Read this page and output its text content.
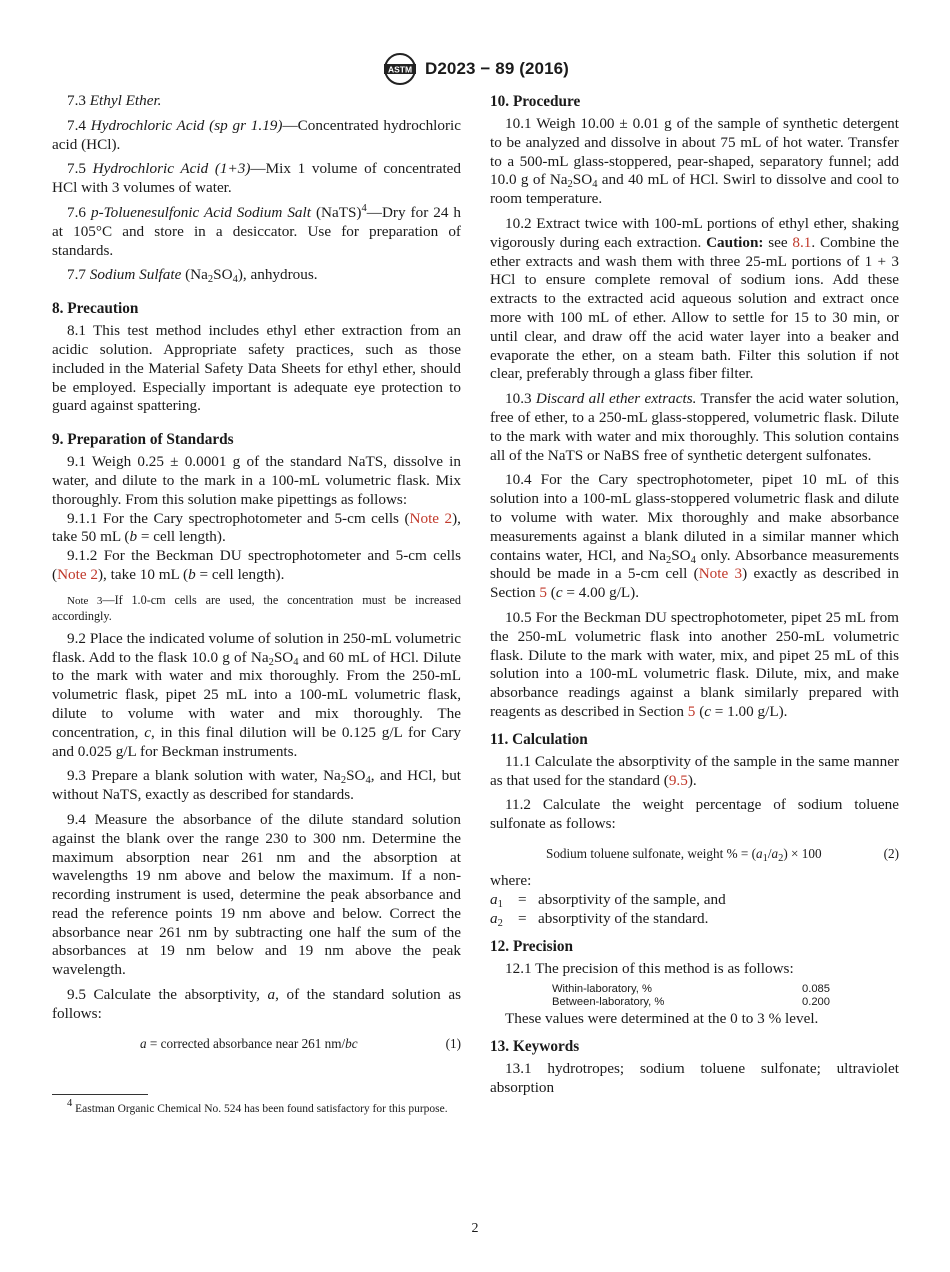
ASTM D2023 − 89 (2016)

7.3 Ethyl Ether.

7.4 Hydrochloric Acid (sp gr 1.19)—Concentrated hydrochloric acid (HCl).

7.5 Hydrochloric Acid (1+3)—Mix 1 volume of concentrated HCl with 3 volumes of water.

7.6 p-Toluenesulfonic Acid Sodium Salt (NaTS)$^4$—Dry for 24 h at 105°C and store in a desiccator. Use for preparation of standards.

7.7 Sodium Sulfate $(Na_2SO_4)$, anhydrous.

8. Precaution

8.1 This test method includes ethyl ether extraction from an acidic solution. Appropriate safety practices, such as those included in the Material Safety Data Sheets for ethyl ether, should be employed. Especially important is adequate eye protection to guard against spattering.

9. Preparation of Standards

9.1 Weigh 0.25 ± 0.0001 g of the standard NaTS, dissolve in water, and dilute to the mark in a 100-mL volumetric flask. Mix thoroughly. From this solution make pipettings as follows:

9.1.1 For the Cary spectrophotometer and 5-cm cells (Note 2), take 50 mL (b = cell length).

9.1.2 For the Beckman DU spectrophotometer and 5-cm cells (Note 2), take 10 mL (b = cell length).

Note 3—If 1.0-cm cells are used, the concentration must be increased accordingly.

9.2 Place the indicated volume of solution in 250-mL volumetric flask. Add to the flask 10.0 g of $Na_2SO_4$ and 60 mL of HCl. Dilute to the mark with water and mix thoroughly. From the 250-mL volumetric flask, pipet 25 mL into a 100-mL volumetric flask, dilute to volume with water and mix thoroughly. The concentration, c, in this final dilution will be 0.125 g/L for Cary and 0.025 g/L for Beckman instruments.

9.3 Prepare a blank solution with water, $Na_2SO_4$, and HCl, but without NaTS, exactly as described for standards.

9.4 Measure the absorbance of the dilute standard solution against the blank over the range 230 to 300 nm. Determine the maximum absorption near 261 nm and the absorption at wavelengths 19 nm above and below the maximum. If a non-recording instrument is used, determine the peak absorbance and read the reference points 19 nm above and below. Correct the absorbance near 261 nm by subtracting one half the sum of the absorbances at 19 nm below and 19 nm above the peak wavelength.

9.5 Calculate the absorptivity, a, of the standard solution as follows:

a = corrected absorbance near 261 nm/bc	(1)
10. Procedure

10.1 Weigh 10.00 ± 0.01 g of the sample of synthetic detergent to be analyzed and dissolve in about 75 mL of hot water. Transfer to a 500-mL glass-stoppered, pear-shaped, separatory funnel; add 10.0 g of $Na_2SO_4$ and 40 mL of HCl. Swirl to dissolve and cool to room temperature.

10.2 Extract twice with 100-mL portions of ethyl ether, shaking vigorously during each extraction. Caution: see 8.1. Combine the ether extracts and wash them with three 25-mL portions of 1 + 3 HCl to ensure complete removal of sodium ions. Add these extracts to the extracted acid aqueous solution and extract once more with 100 mL of ether. Allow to settle for 15 to 30 min, or until clear, and draw off the acid water layer into a beaker and evaporate the ether, on a steam bath. Filter this solution if not clear, preferably through a glass fiber filter.

10.3 Discard all ether extracts. Transfer the acid water solution, free of ether, to a 250-mL glass-stoppered, volumetric flask. Dilute to the mark with water and mix thoroughly. This solution contains all of the NaTS or NaBS free of synthetic detergent sulfonates.

10.4 For the Cary spectrophotometer, pipet 10 mL of this solution into a 100-mL glass-stoppered volumetric flask and dilute to volume with water. Mix thoroughly and make absorbance measurements against a blank diluted in a similar manner which contains water, HCl, and $Na_2SO_4$ only. Absorbance measurements should be made in a 5-cm cell (Note 3) exactly as described in Section 5 (c = 4.00 g/L).

10.5 For the Beckman DU spectrophotometer, pipet 25 mL from the 250-mL volumetric flask into another 250-mL volumetric flask. Dilute to the mark with water, mix, and pipet 25 mL of this solution into a 100-mL volumetric flask. Dilute, mix, and make absorbance readings against a blank similarly prepared with reagents as described in Section 5 (c = 1.00 g/L).

11. Calculation

11.1 Calculate the absorptivity of the sample in the same manner as that used for the standard (9.5).

11.2 Calculate the weight percentage of sodium toluene sulfonate as follows:

Sodium toluene sulfonate, weight % = $(a_1/a_2) \times 100$	(2)

where:

$a_1$ = absorptivity of the sample, and
$a_2$ = absorptivity of the standard.
12. Precision

12.1 The precision of this method is as follows:

Within-laboratory, %	0.085
Between-laboratory, %	0.200

These values were determined at the 0 to 3 % level.

13. Keywords

13.1 hydrotropes; sodium toluene sulfonate; ultraviolet absorption

$^4$ Eastman Organic Chemical No. 524 has been found satisfactory for this purpose.
2
